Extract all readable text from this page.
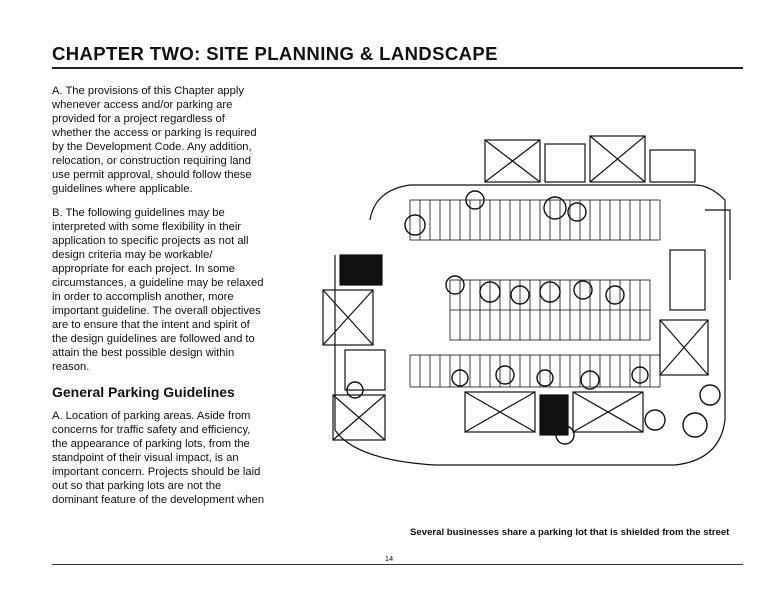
CHAPTER TWO: SITE PLANNING & LANDSCAPE

A. The provisions of this Chapter apply whenever access and/or parking are provided for a project regardless of whether the access or parking is required by the Development Code. Any addition, relocation, or construction requiring land use permit approval, should follow these guidelines where applicable.

B. The following guidelines may be interpreted with some flexibility in their application to specific projects as not all design criteria may be workable/ appropriate for each project. In some circumstances, a guideline may be relaxed in order to accomplish another, more important guideline. The overall objectives are to ensure that the intent and spirit of the design guidelines are followed and to attain the best possible design within reason.

General Parking Guidelines

A. Location of parking areas. Aside from concerns for traffic safety and efficiency, the appearance of parking lots, from the standpoint of their visual impact, is an important concern. Projects should be laid out so that parking lots are not the dominant feature of the development when

Several businesses share a parking lot that is shielded from the street
14
